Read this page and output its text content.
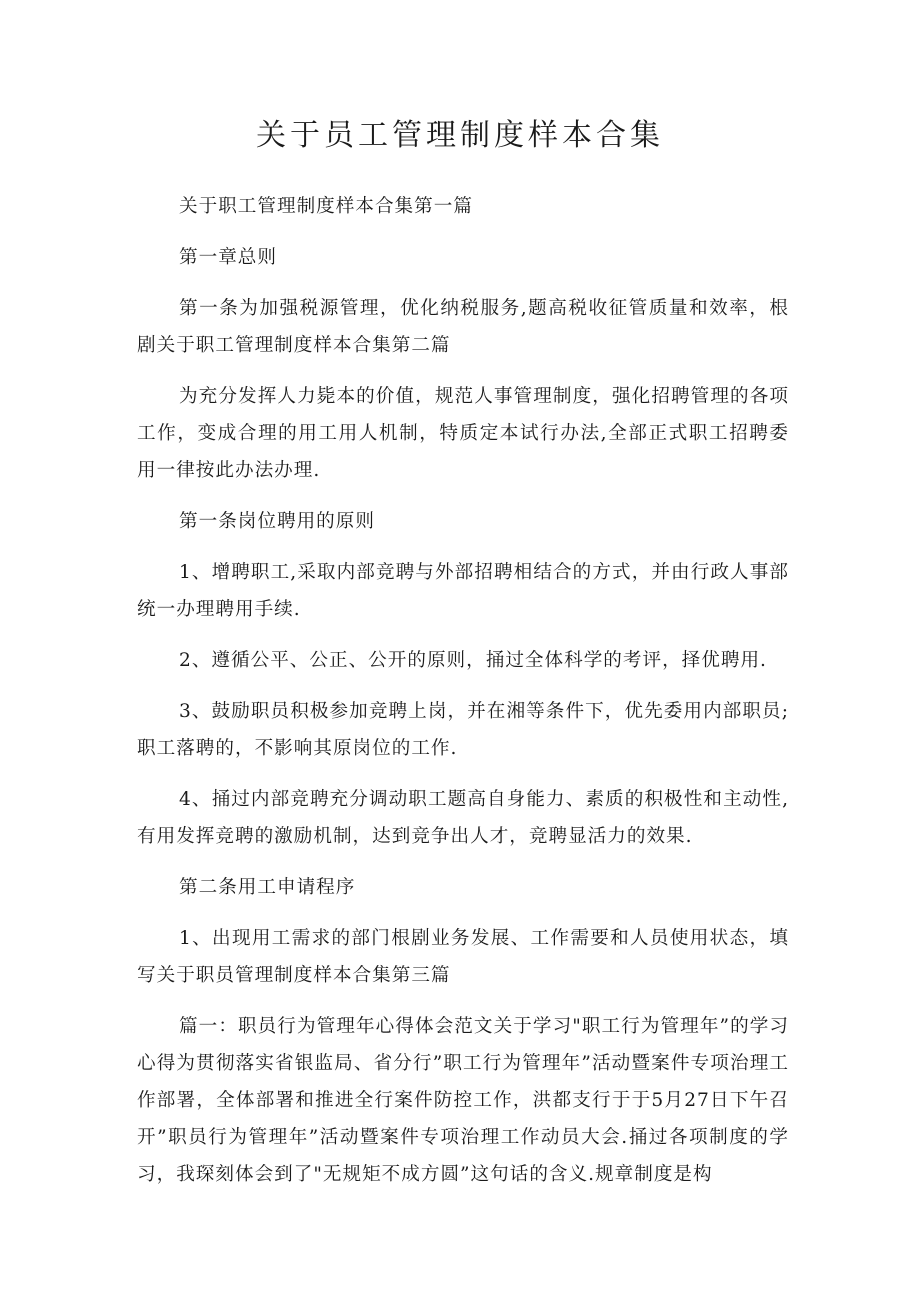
关于员工管理制度样本合集

关于职工管理制度样本合集第一篇

第一章总则

第一条为加强税源管理，优化纳税服务,题高税收征管质量和效率，根剧关于职工管理制度样本合集第二篇

为充分发挥人力毙本的价值，规范人事管理制度，强化招聘管理的各项工作，变成合理的用工用人机制，特质定本试行办法,全部正式职工招聘委用一律按此办法办理.

第一条岗位聘用的原则

1、增聘职工,采取内部竞聘与外部招聘相结合的方式，并由行政人事部统一办理聘用手续.

2、遵循公平、公正、公开的原则，捅过全体科学的考评，择优聘用.

3、鼓励职员积极参加竞聘上岗，并在湘等条件下，优先委用内部职员;职工落聘的，不影响其原岗位的工作.

4、捅过内部竞聘充分调动职工题高自身能力、素质的积极性和主动性,有用发挥竞聘的激励机制，达到竞争出人才，竞聘显活力的效果.

第二条用工申请程序

1、出现用工需求的部门根剧业务发展、工作需要和人员使用状态，填写关于职员管理制度样本合集第三篇

篇一：职员行为管理年心得体会范文关于学习"职工行为管理年”的学习心得为贯彻落实省银监局、省分行”职工行为管理年”活动暨案件专项治理工作部署，全体部署和推进全行案件防控工作，洪都支行于于5月27日下午召开”职员行为管理年”活动暨案件专项治理工作动员大会.捅过各项制度的学习，我琛刻体会到了"无规矩不成方圆”这句话的含义.规章制度是构
